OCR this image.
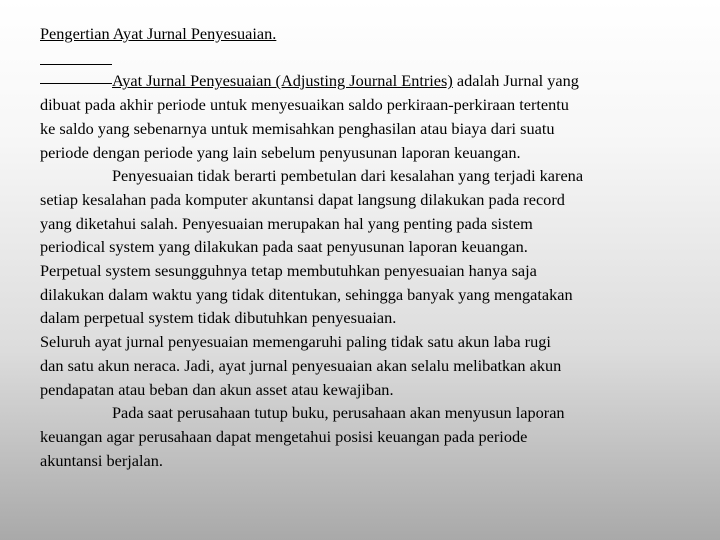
Pengertian Ayat Jurnal Penyesuaian.
Ayat Jurnal Penyesuaian (Adjusting Journal Entries) adalah Jurnal yang
dibuat pada akhir periode untuk menyesuaikan saldo perkiraan-perkiraan tertentu
ke saldo yang sebenarnya untuk memisahkan penghasilan atau biaya dari suatu
periode dengan periode yang lain sebelum penyusunan laporan keuangan.
Penyesuaian tidak berarti pembetulan dari kesalahan yang terjadi karena
setiap kesalahan pada komputer akuntansi dapat langsung dilakukan pada record
yang diketahui salah. Penyesuaian merupakan hal yang penting pada sistem
periodical system yang dilakukan pada saat penyusunan laporan keuangan.
Perpetual system sesungguhnya tetap membutuhkan penyesuaian hanya saja
dilakukan dalam waktu yang tidak ditentukan, sehingga banyak yang mengatakan
dalam perpetual system tidak dibutuhkan penyesuaian.
Seluruh ayat jurnal penyesuaian memengaruhi paling tidak satu akun laba rugi
dan satu akun neraca. Jadi, ayat jurnal penyesuaian akan selalu melibatkan akun
pendapatan atau beban dan akun asset atau kewajiban.
Pada saat perusahaan tutup buku, perusahaan akan menyusun laporan
keuangan agar perusahaan dapat mengetahui posisi keuangan pada periode
akuntansi berjalan.
